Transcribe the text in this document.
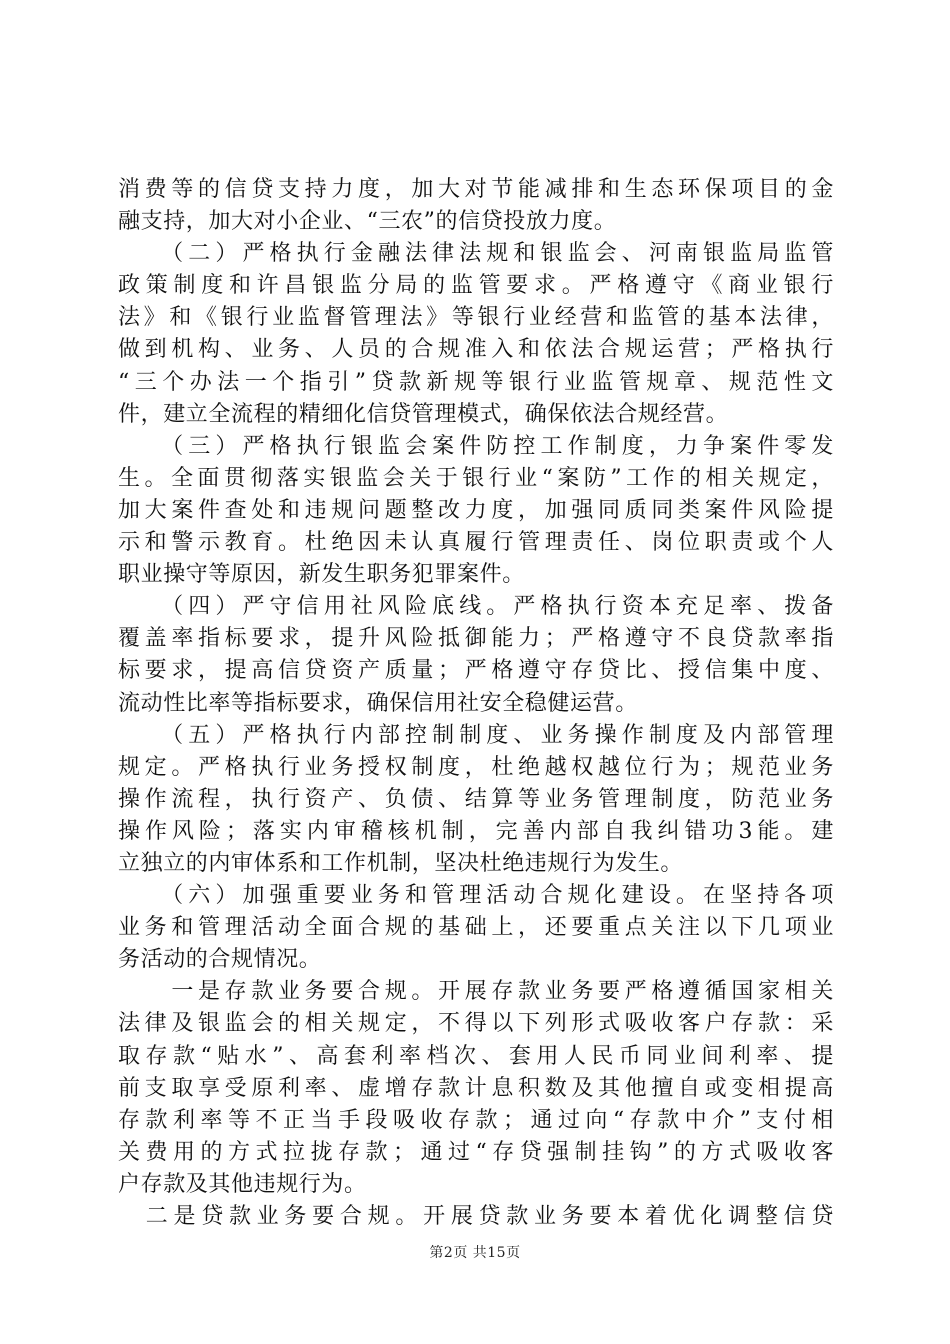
消费等的信贷支持力度，加大对节能减排和生态环保项目的金
融支持，加大对小企业、“三农”的信贷投放力度。
　　（二）严格执行金融法律法规和银监会、河南银监局监管
政策制度和许昌银监分局的监管要求。严格遵守《商业银行
法》和《银行业监督管理法》等银行业经营和监管的基本法律，
做到机构、业务、人员的合规准入和依法合规运营；严格执行
“三个办法一个指引”贷款新规等银行业监管规章、规范性文
件，建立全流程的精细化信贷管理模式，确保依法合规经营。
　　（三）严格执行银监会案件防控工作制度，力争案件零发
生。全面贯彻落实银监会关于银行业“案防”工作的相关规定，
加大案件查处和违规问题整改力度，加强同质同类案件风险提
示和警示教育。杜绝因未认真履行管理责任、岗位职责或个人
职业操守等原因，新发生职务犯罪案件。
　　（四）严守信用社风险底线。严格执行资本充足率、拨备
覆盖率指标要求，提升风险抵御能力；严格遵守不良贷款率指
标要求，提高信贷资产质量；严格遵守存贷比、授信集中度、
流动性比率等指标要求，确保信用社安全稳健运营。
　　（五）严格执行内部控制制度、业务操作制度及内部管理
规定。严格执行业务授权制度，杜绝越权越位行为；规范业务
操作流程，执行资产、负债、结算等业务管理制度，防范业务
操作风险；落实内审稽核机制，完善内部自我纠错功3能。建
立独立的内审体系和工作机制，坚决杜绝违规行为发生。
　　（六）加强重要业务和管理活动合规化建设。在坚持各项
业务和管理活动全面合规的基础上，还要重点关注以下几项业
务活动的合规情况。
　　一是存款业务要合规。开展存款业务要严格遵循国家相关
法律及银监会的相关规定，不得以下列形式吸收客户存款：采
取存款“贴水”、高套利率档次、套用人民币同业间利率、提
前支取享受原利率、虚增存款计息积数及其他擅自或变相提高
存款利率等不正当手段吸收存款；通过向“存款中介”支付相
关费用的方式拉拢存款；通过“存贷强制挂钩”的方式吸收客
户存款及其他违规行为。
　二是贷款业务要合规。开展贷款业务要本着优化调整信贷
第2页 共15页
